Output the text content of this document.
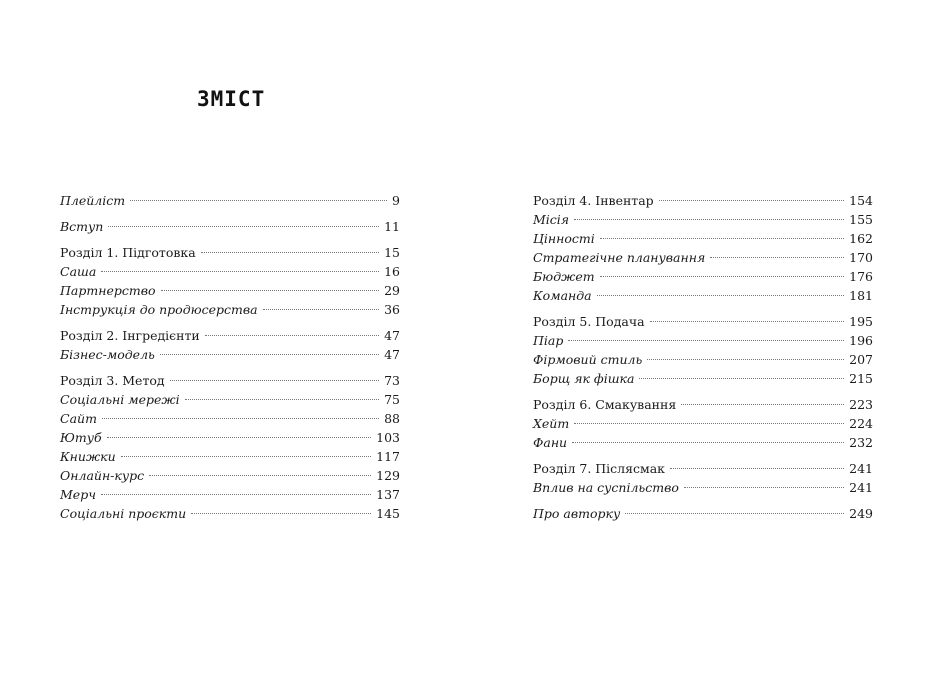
ЗМІСТ
Плейліст	9
Вступ	11
Розділ 1. Підготовка	15
Саша	16
Партнерство	29
Інструкція до продюсерства	36
Розділ 2. Інгредієнти	47
Бізнес-модель	47
Розділ 3. Метод	73
Соціальні мережі	75
Сайт	88
Ютуб	103
Книжки	117
Онлайн-курс	129
Мерч	137
Соціальні проєкти	145
Розділ 4. Інвентар	154
Місія	155
Цінності	162
Стратегічне планування	170
Бюджет	176
Команда	181
Розділ 5. Подача	195
Піар	196
Фірмовий стиль	207
Борщ як фішка	215
Розділ 6. Смакування	223
Хейт	224
Фани	232
Розділ 7. Післясмак	241
Вплив на суспільство	241
Про авторку	249
